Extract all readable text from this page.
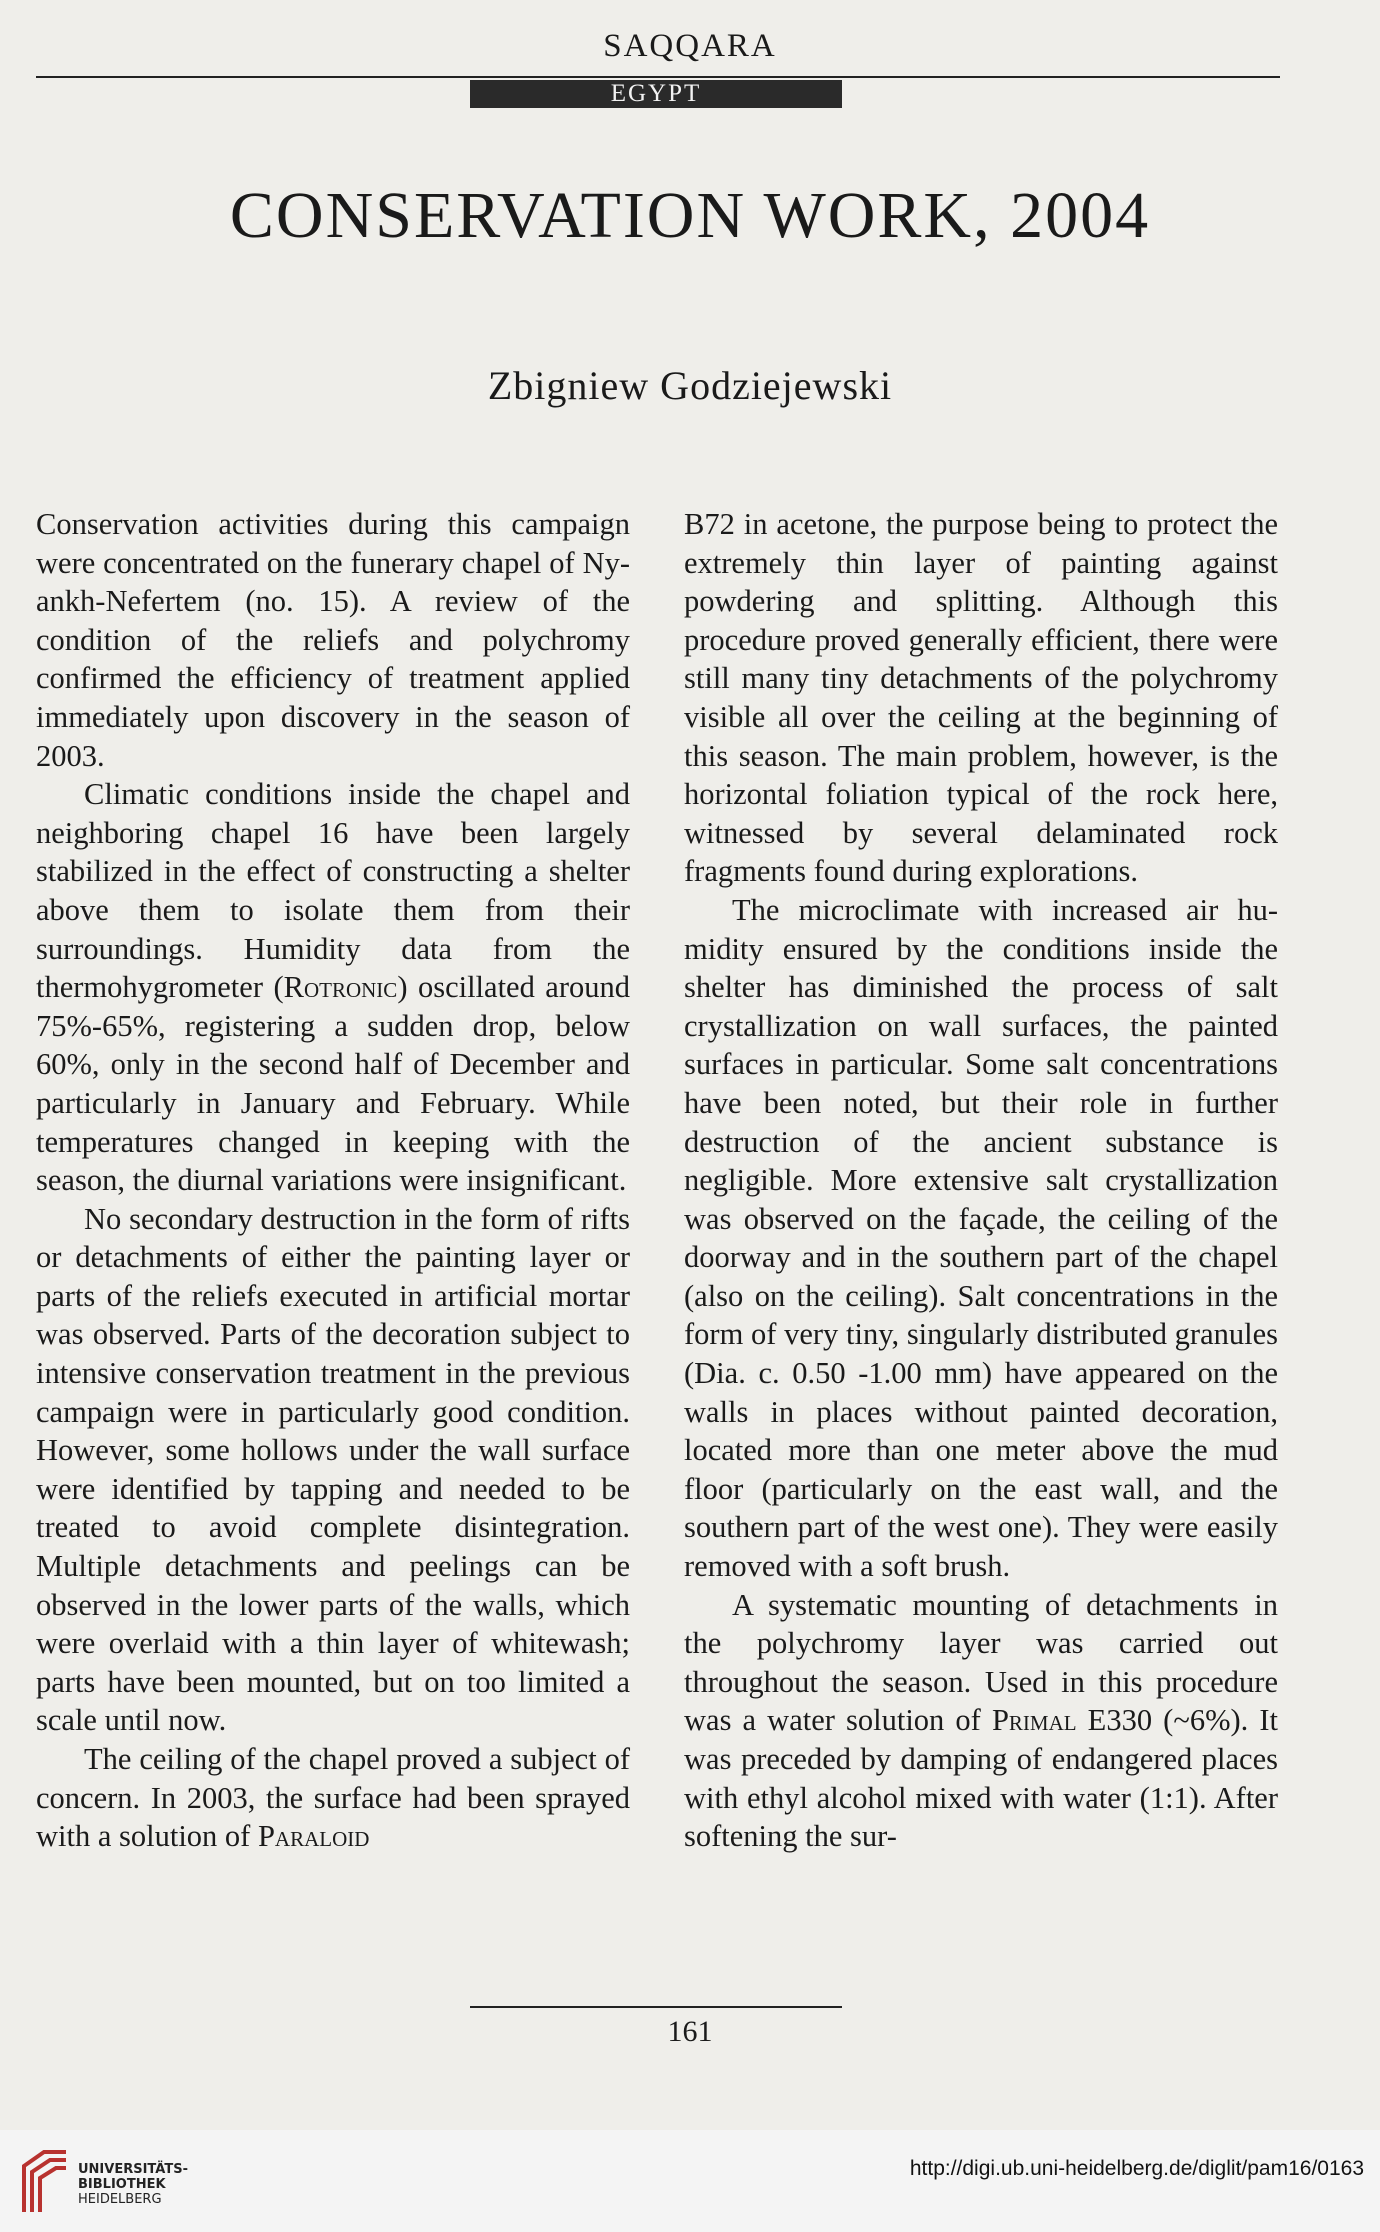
SAQQARA
EGYPT
CONSERVATION WORK, 2004
Zbigniew Godziejewski

Conservation activities during this campaign were concentrated on the funerary chapel of Ny-ankh-Nefertem (no. 15). A review of the condition of the reliefs and polychromy confirmed the efficiency of treatment applied immediately upon discovery in the season of 2003.

Climatic conditions inside the chapel and neighboring chapel 16 have been largely stabilized in the effect of constructing a shelter above them to isolate them from their surroundings. Humidity data from the thermohygrometer (Rotronic) oscillated around 75%-65%, registering a sudden drop, below 60%, only in the second half of December and particularly in January and February. While temperatures changed in keeping with the season, the diurnal variations were insignificant.

No secondary destruction in the form of rifts or detachments of either the painting layer or parts of the reliefs executed in artificial mortar was observed. Parts of the decoration subject to intensive conservation treatment in the previous campaign were in particularly good condition. However, some hollows under the wall surface were identified by tapping and needed to be treated to avoid complete disintegration. Multiple detachments and peelings can be observed in the lower parts of the walls, which were overlaid with a thin layer of whitewash; parts have been mounted, but on too limited a scale until now.

The ceiling of the chapel proved a subject of concern. In 2003, the surface had been sprayed with a solution of Paraloid

B72 in acetone, the purpose being to protect the extremely thin layer of painting against powdering and splitting. Although this procedure proved generally efficient, there were still many tiny detachments of the polychromy visible all over the ceiling at the beginning of this season. The main problem, however, is the horizontal foliation typical of the rock here, witnessed by several delaminated rock fragments found during explorations.

The microclimate with increased air humidity ensured by the conditions inside the shelter has diminished the process of salt crystallization on wall surfaces, the painted surfaces in particular. Some salt concentrations have been noted, but their role in further destruction of the ancient substance is negligible. More extensive salt crystallization was observed on the façade, the ceiling of the doorway and in the southern part of the chapel (also on the ceiling). Salt concentrations in the form of very tiny, singularly distributed granules (Dia. c. 0.50 -1.00 mm) have appeared on the walls in places without painted decoration, located more than one meter above the mud floor (particularly on the east wall, and the southern part of the west one). They were easily removed with a soft brush.

A systematic mounting of detachments in the polychromy layer was carried out throughout the season. Used in this procedure was a water solution of Primal E330 (~6%). It was preceded by damping of endangered places with ethyl alcohol mixed with water (1:1). After softening the sur-

161
UNIVERSITÄTS-
BIBLIOTHEK
HEIDELBERG
http://digi.ub.uni-heidelberg.de/diglit/pam16/0163
